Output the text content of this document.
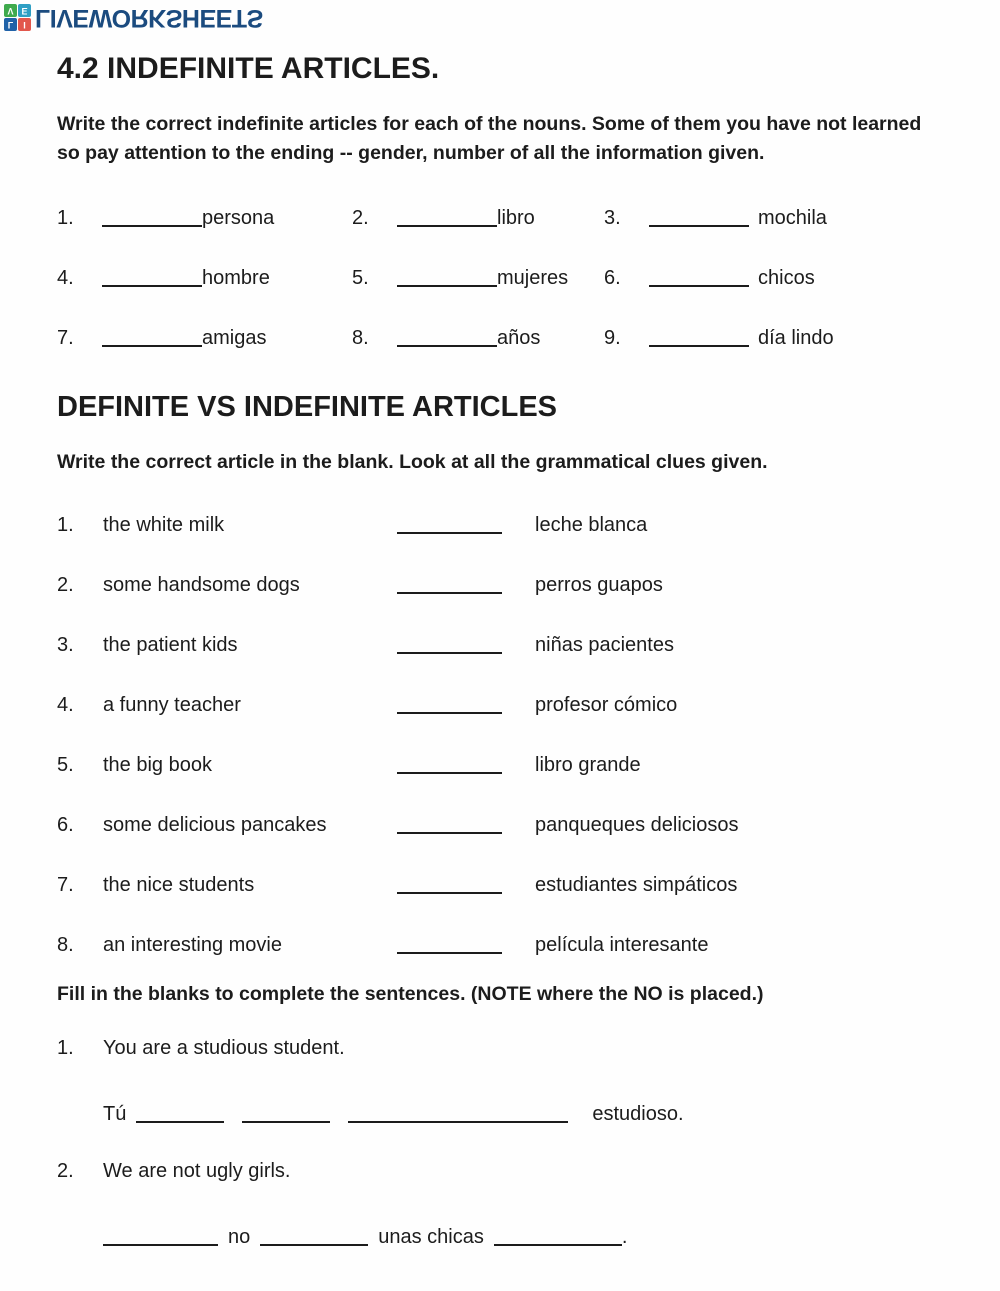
L	I
V E LIVEWORKSHEETS
4.2 INDEFINITE ARTICLES.

Write the correct indefinite articles for each of the nouns. Some of them you have not learned so pay attention to the ending -- gender, number of all the information given.

1.	persona	2.	libro	3.	mochila
4.	hombre	5.	mujeres 6.	chicos
7.	amigas	8.	años	9.	día lindo
DEFINITE VS INDEFINITE ARTICLES

Write the correct article in the blank. Look at all the grammatical clues given.

1.	the white milk	leche blanca
2.	some handsome dogs	perros guapos
3.	the patient kids	niñas pacientes
4.	a funny teacher	profesor cómico
5.	the big book	libro grande
6.	some delicious pancakes	panqueques deliciosos
7.	the nice students	estudiantes simpáticos
8.	an interesting movie	película interesante

Fill in the blanks to complete the sentences. (NOTE where the NO is placed.)

1.	You are a studious student.
Tú	estudioso.
2.	We are not ugly girls.
no	unas chicas	.
